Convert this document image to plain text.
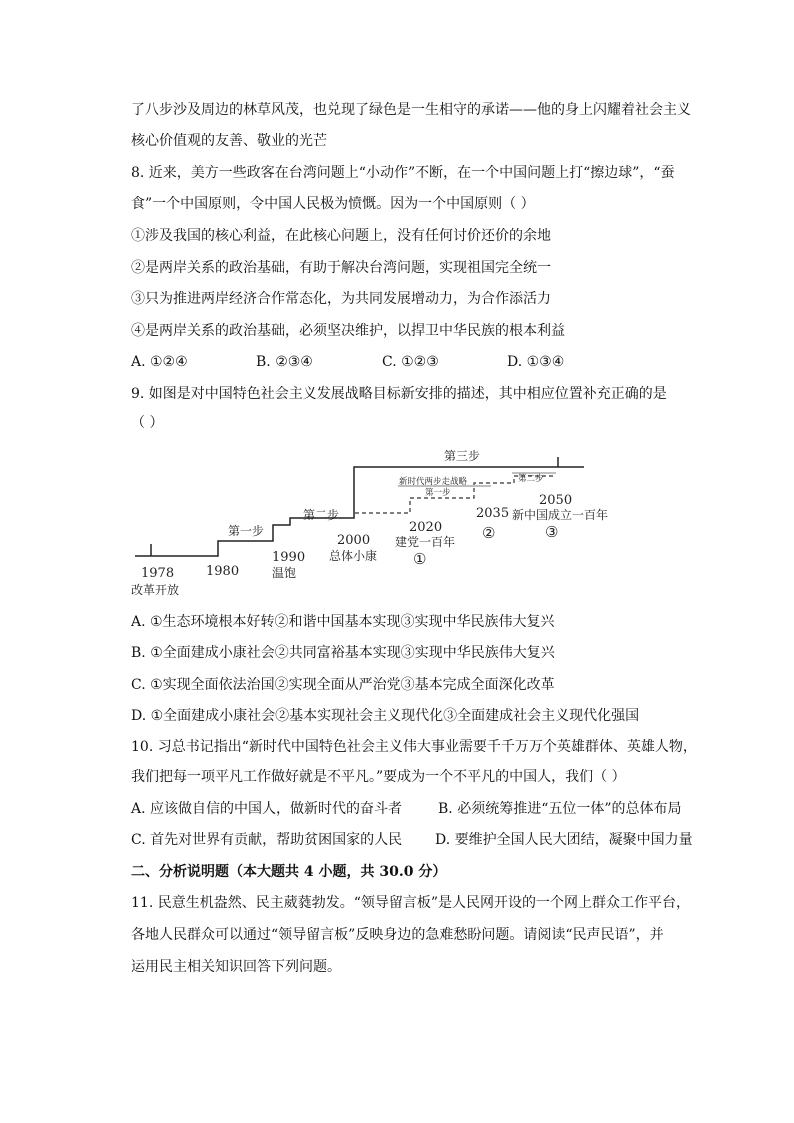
了八步沙及周边的林草风茂，也兑现了绿色是一生相守的承诺——他的身上闪耀着社会主义
核心价值观的友善、敬业的光芒
8. 近来，美方一些政客在台湾问题上“小动作”不断，在一个中国问题上打“擦边球”，“蚕
食”一个中国原则，令中国人民极为愤慨。因为一个中国原则（ ）
①涉及我国的核心利益，在此核心问题上，没有任何讨价还价的余地
②是两岸关系的政治基础，有助于解决台湾问题，实现祖国完全统一
③只为推进两岸经济合作常态化，为共同发展增动力，为合作添活力
④是两岸关系的政治基础，必须坚决维护，以捍卫中华民族的根本利益
A. ①②④	B. ②③④	C. ①②③	D. ①③④
9. 如图是对中国特色社会主义发展战略目标新安排的描述，其中相应位置补充正确的是
（ ）
第三步
新时代两步走战略
第一步
第二步
第二步
第一步
2050
新中国成立一百年
③
2035
②
2020
建党一百年
①
2000
总体小康
1990
温饱
1980
1978
改革开放
A. ①生态环境根本好转②和谐中国基本实现③实现中华民族伟大复兴
B. ①全面建成小康社会②共同富裕基本实现③实现中华民族伟大复兴
C. ①实现全面依法治国②实现全面从严治党③基本完成全面深化改革
D. ①全面建成小康社会②基本实现社会主义现代化③全面建成社会主义现代化强国
10. 习总书记指出“新时代中国特色社会主义伟大事业需要千千万万个英雄群体、英雄人物，
我们把每一项平凡工作做好就是不平凡。”要成为一个不平凡的中国人，我们（ ）
A. 应该做自信的中国人，做新时代的奋斗者	B. 必须统筹推进“五位一体”的总体布局
C. 首先对世界有贡献，帮助贫困国家的人民 D. 要维护全国人民大团结，凝聚中国力量
二、分析说明题（本大题共 4 小题，共 30.0 分）
11. 民意生机盎然、民主葳蕤勃发。“领导留言板”是人民网开设的一个网上群众工作平台，
各地人民群众可以通过“领导留言板”反映身边的急难愁盼问题。请阅读“民声民语”，并
运用民主相关知识回答下列问题。
